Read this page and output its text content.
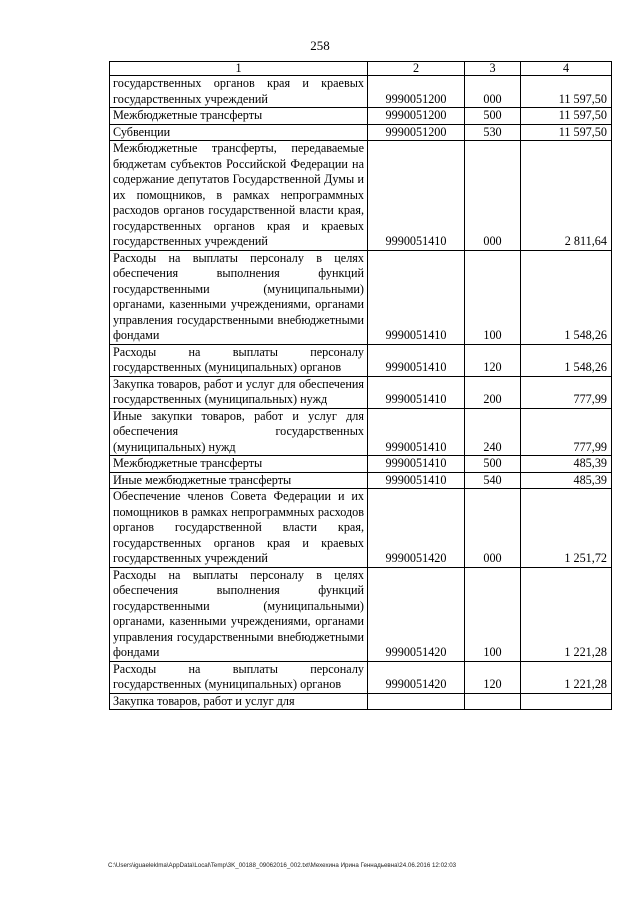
258
1	2	3	4
государственных органов края и краевых государственных учреждений	9990051200	000	11 597,50
Межбюджетные трансферты	9990051200	500	11 597,50
Субвенции	9990051200	530	11 597,50
Межбюджетные трансферты, передаваемые бюджетам субъектов Российской Федерации на содержание депутатов Государственной Думы и их помощников, в рамках непрограммных расходов органов государственной власти края, государственных органов края и краевых государственных учреждений	9990051410	000	2 811,64
Расходы на выплаты персоналу в целях обеспечения выполнения функций государственными (муниципальными) органами, казенными учреждениями, органами управления государственными внебюджетными фондами	9990051410	100	1 548,26
Расходы на выплаты персоналу государственных (муниципальных) органов	9990051410	120	1 548,26
Закупка товаров, работ и услуг для обеспечения государственных (муниципальных) нужд	9990051410	200	777,99
Иные закупки товаров, работ и услуг для обеспечения государственных (муниципальных) нужд	9990051410	240	777,99
Межбюджетные трансферты	9990051410	500	485,39
Иные межбюджетные трансферты	9990051410	540	485,39
Обеспечение членов Совета Федерации и их помощников в рамках непрограммных расходов органов государственной власти края, государственных органов края и краевых государственных учреждений	9990051420	000	1 251,72
Расходы на выплаты персоналу в целях обеспечения выполнения функций государственными (муниципальными) органами, казенными учреждениями, органами управления государственными внебюджетными фондами	9990051420	100	1 221,28
Расходы на выплаты персоналу государственных (муниципальных) органов	9990051420	120	1 221,28
Закупка товаров, работ и услуг для			
C:\Users\iguaeleklma\AppData\Local\Temp\3K_00188_09062016_002.txt\Мехехина Ирина Геннадьевна\24.06.2016 12:02:03
